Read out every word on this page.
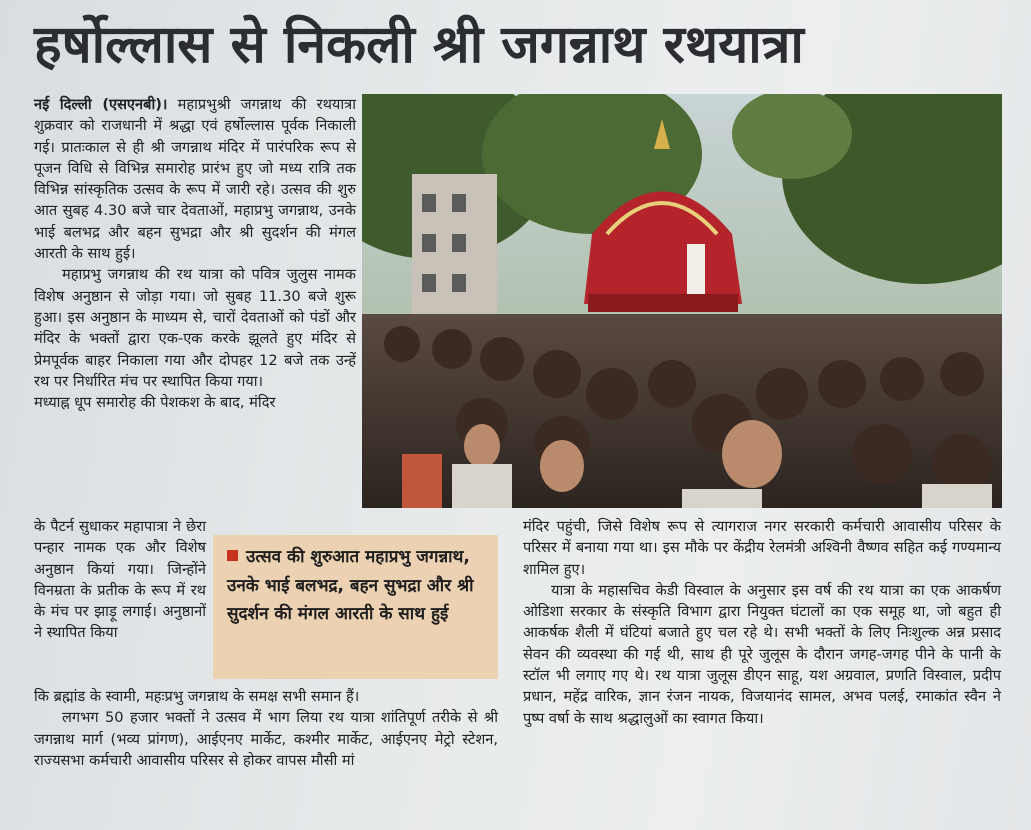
हर्षोल्लास से निकली श्री जगन्नाथ रथयात्रा

नई दिल्ली (एसएनबी)। महाप्रभुश्री जगन्नाथ की रथयात्रा शुक्रवार को राजधानी में श्रद्धा एवं हर्षोल्लास पूर्वक निकाली गई। प्रातःकाल से ही श्री जगन्नाथ मंदिर में पारंपरिक रूप से पूजन विधि से विभिन्न समारोह प्रारंभ हुए जो मध्य रात्रि तक विभिन्न सांस्कृतिक उत्सव के रूप में जारी रहे। उत्सव की शुरु आत सुबह 4.30 बजे चार देवताओं, महाप्रभु जगन्नाथ, उनके भाई बलभद्र और बहन सुभद्रा और श्री सुदर्शन की मंगल आरती के साथ हुई।

महाप्रभु जगन्नाथ की रथ यात्रा को पवित्र जुलुस नामक विशेष अनुष्ठान से जोड़ा गया। जो सुबह 11.30 बजे शुरू हुआ। इस अनुष्ठान के माध्यम से, चारों देवताओं को पंडों और मंदिर के भक्तों द्वारा एक-एक करके झूलते हुए मंदिर से प्रेमपूर्वक बाहर निकाला गया और दोपहर 12 बजे तक उन्हें रथ पर निर्धारित मंच पर स्थापित किया गया।

मध्याह्न धूप समारोह की पेशकश के बाद, मंदिर

के पैटर्न सुधाकर महापात्रा ने छेरा पन्हार नामक एक और विशेष अनुष्ठान कियां गया। जिन्होंने विनम्रता के प्रतीक के रूप में रथ के मंच पर झाड़ू लगाई। अनुष्ठानों ने स्थापित किया

कि ब्रह्मांड के स्वामी, महःप्रभु जगन्नाथ के समक्ष सभी समान हैं।

लगभग 50 हजार भक्तों ने उत्सव में भाग लिया रथ यात्रा शांतिपूर्ण तरीके से श्री जगन्नाथ मार्ग (भव्य प्रांगण), आईएनए मार्केट, कश्मीर मार्केट, आईएनए मेट्रो स्टेशन, राज्यसभा कर्मचारी आवासीय परिसर से होकर वापस मौसी मां

उत्सव की शुरुआत महाप्रभु जगन्नाथ, उनके भाई बलभद्र, बहन सुभद्रा और श्री सुदर्शन की मंगल आरती के साथ हुई

मंदिर पहुंची, जिसे विशेष रूप से त्यागराज नगर सरकारी कर्मचारी आवासीय परिसर के परिसर में बनाया गया था। इस मौके पर केंद्रीय रेलमंत्री अश्विनी वैष्णव सहित कई गण्यमान्य शामिल हुए।

यात्रा के महासचिव केडी विस्वाल के अनुसार इस वर्ष की रथ यात्रा का एक आकर्षण ओडिशा सरकार के संस्कृति विभाग द्वारा नियुक्त घंटालों का एक समूह था, जो बहुत ही आकर्षक शैली में घंटियां बजाते हुए चल रहे थे। सभी भक्तों के लिए निःशुल्क अन्न प्रसाद सेवन की व्यवस्था की गई थी, साथ ही पूरे जुलूस के दौरान जगह-जगह पीने के पानी के स्टॉल भी लगाए गए थे। रथ यात्रा जुलूस डीएन साहू, यश अग्रवाल, प्रणति विस्वाल, प्रदीप प्रधान, महेंद्र वारिक, ज्ञान रंजन नायक, विजयानंद सामल, अभव पलई, रमाकांत स्वैन ने पुष्प वर्षा के साथ श्रद्धालुओं का स्वागत किया।
